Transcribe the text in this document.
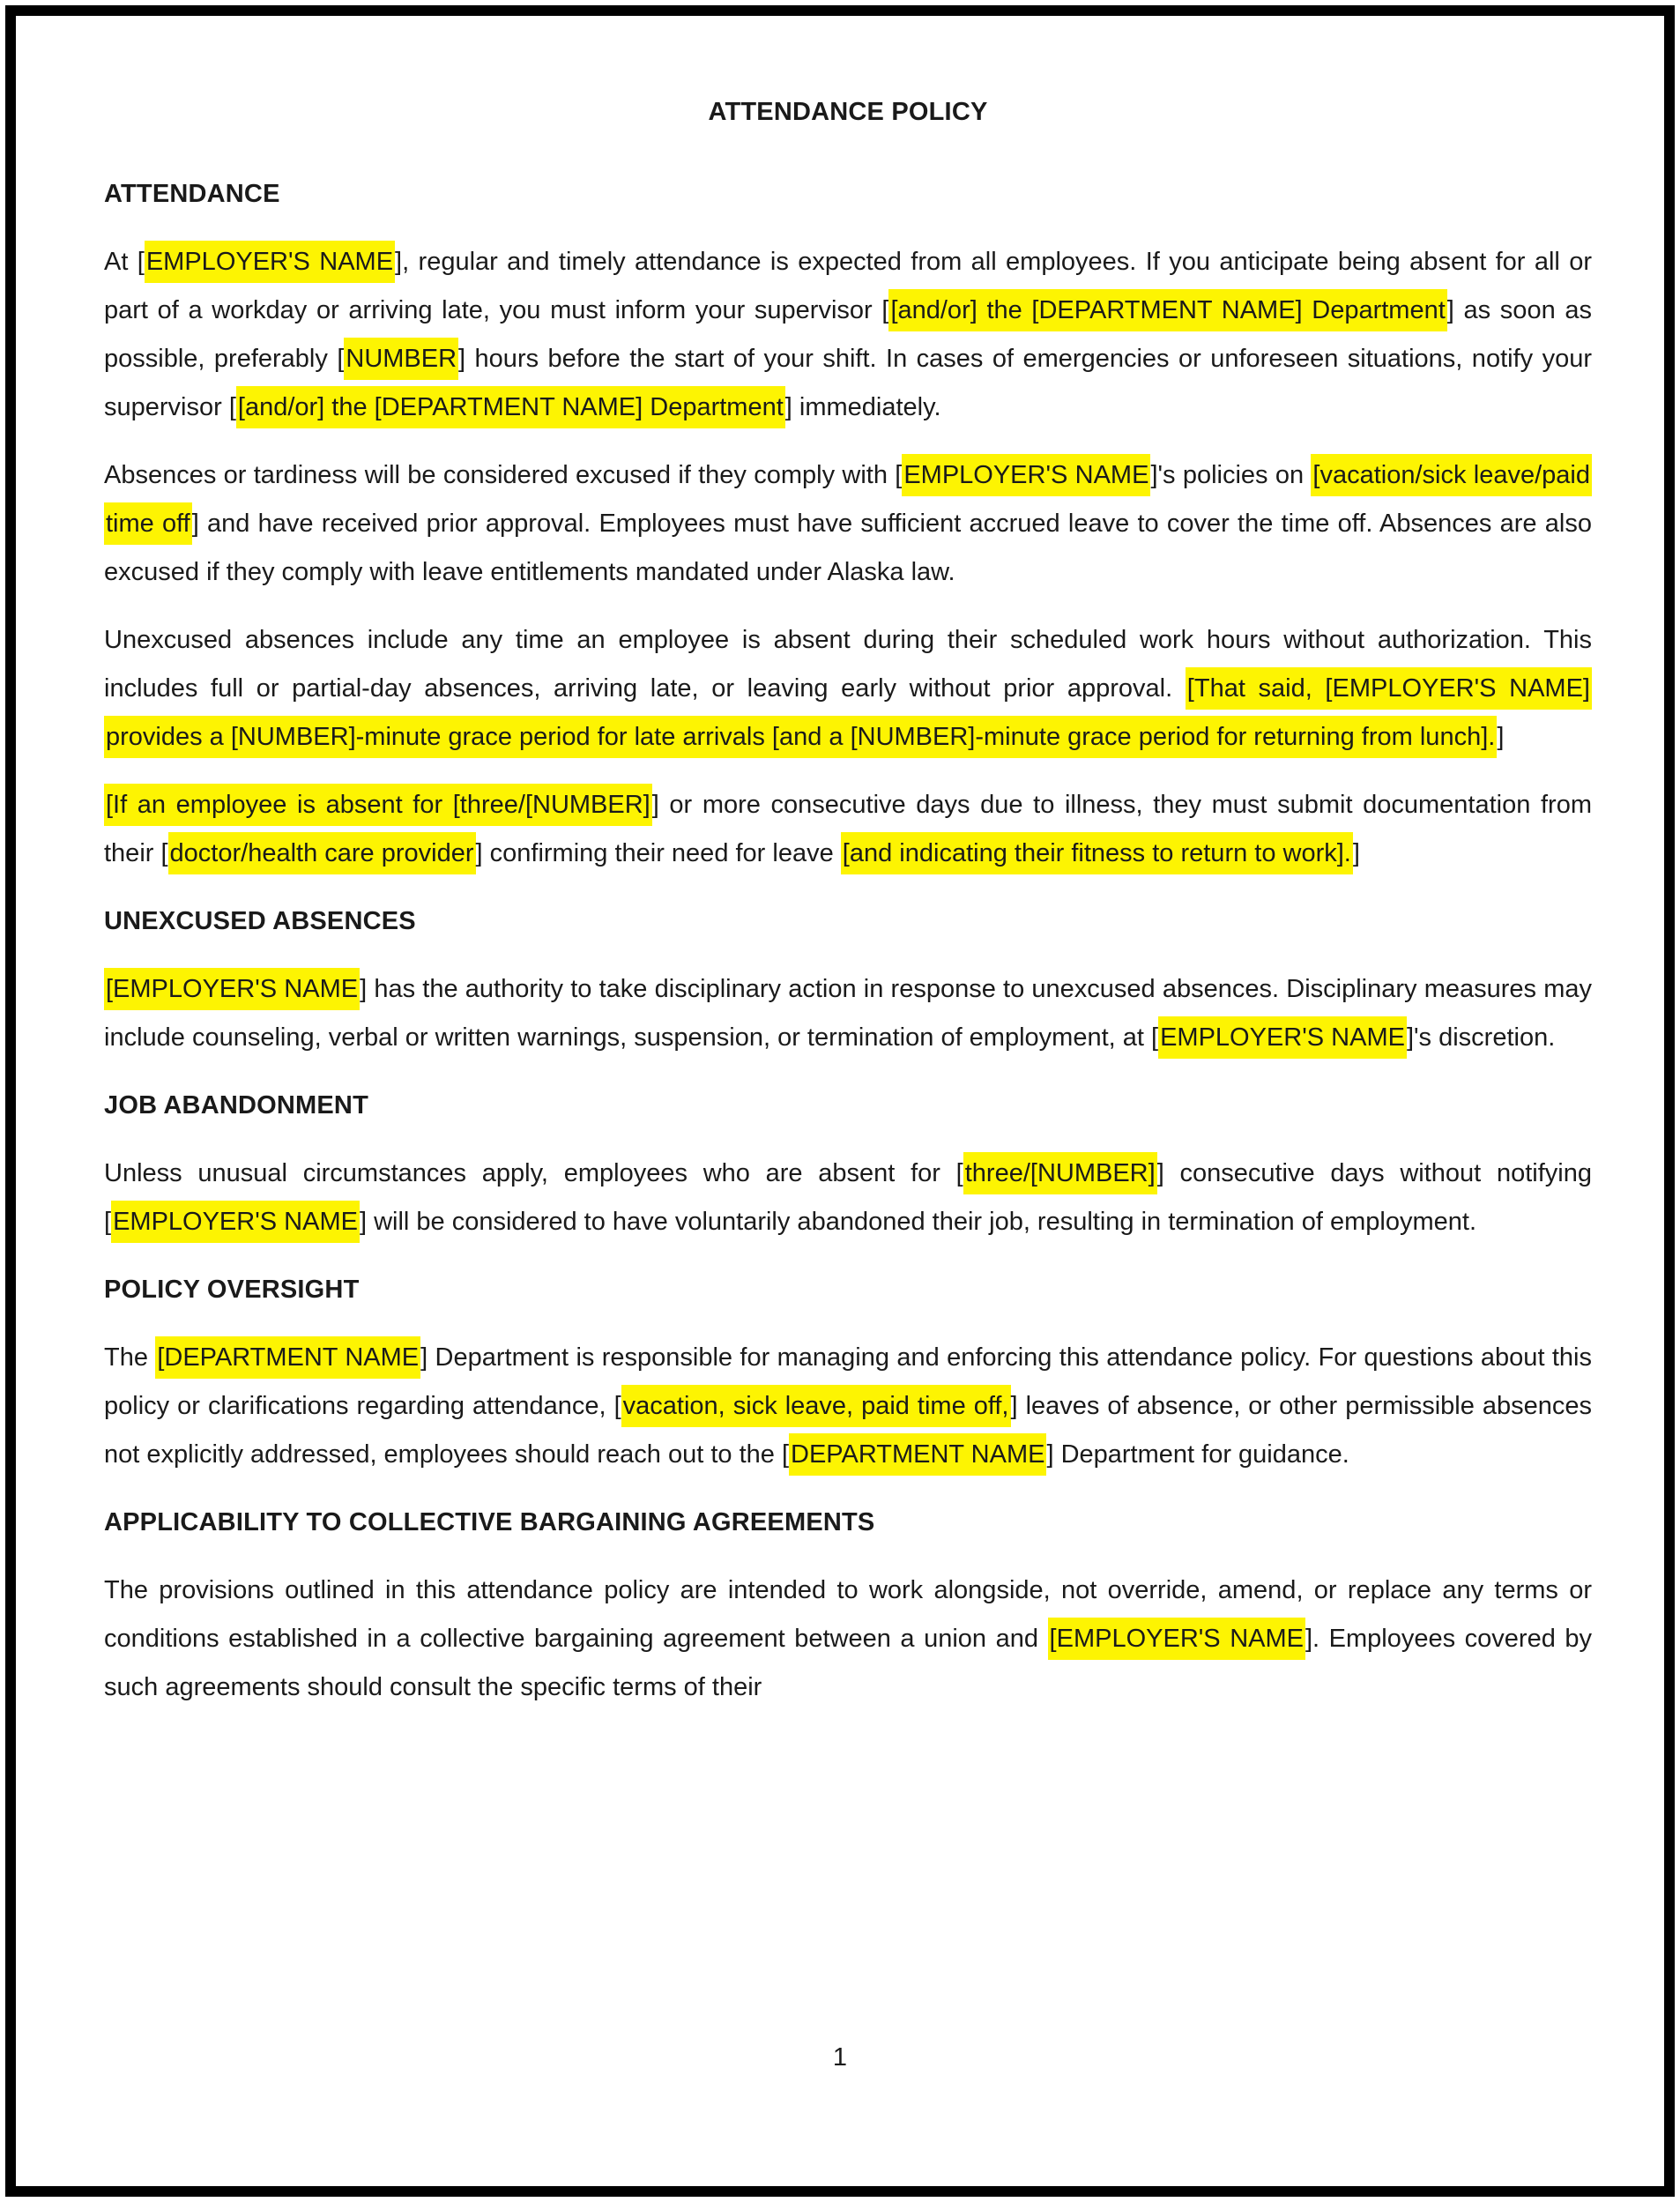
ATTENDANCE POLICY
ATTENDANCE
At [EMPLOYER'S NAME], regular and timely attendance is expected from all employees. If you anticipate being absent for all or part of a workday or arriving late, you must inform your supervisor [[and/or] the [DEPARTMENT NAME] Department] as soon as possible, preferably [NUMBER] hours before the start of your shift. In cases of emergencies or unforeseen situations, notify your supervisor [[and/or] the [DEPARTMENT NAME] Department] immediately.
Absences or tardiness will be considered excused if they comply with [EMPLOYER'S NAME]'s policies on [vacation/sick leave/paid time off] and have received prior approval. Employees must have sufficient accrued leave to cover the time off. Absences are also excused if they comply with leave entitlements mandated under Alaska law.
Unexcused absences include any time an employee is absent during their scheduled work hours without authorization. This includes full or partial-day absences, arriving late, or leaving early without prior approval. [That said, [EMPLOYER'S NAME] provides a [NUMBER]-minute grace period for late arrivals [and a [NUMBER]-minute grace period for returning from lunch].]
[If an employee is absent for [three/[NUMBER]] or more consecutive days due to illness, they must submit documentation from their [doctor/health care provider] confirming their need for leave [and indicating their fitness to return to work].]
UNEXCUSED ABSENCES
[EMPLOYER'S NAME] has the authority to take disciplinary action in response to unexcused absences. Disciplinary measures may include counseling, verbal or written warnings, suspension, or termination of employment, at [EMPLOYER'S NAME]'s discretion.
JOB ABANDONMENT
Unless unusual circumstances apply, employees who are absent for [three/[NUMBER]] consecutive days without notifying [EMPLOYER'S NAME] will be considered to have voluntarily abandoned their job, resulting in termination of employment.
POLICY OVERSIGHT
The [DEPARTMENT NAME] Department is responsible for managing and enforcing this attendance policy. For questions about this policy or clarifications regarding attendance, [vacation, sick leave, paid time off,] leaves of absence, or other permissible absences not explicitly addressed, employees should reach out to the [DEPARTMENT NAME] Department for guidance.
APPLICABILITY TO COLLECTIVE BARGAINING AGREEMENTS
The provisions outlined in this attendance policy are intended to work alongside, not override, amend, or replace any terms or conditions established in a collective bargaining agreement between a union and [EMPLOYER'S NAME]. Employees covered by such agreements should consult the specific terms of their
1
